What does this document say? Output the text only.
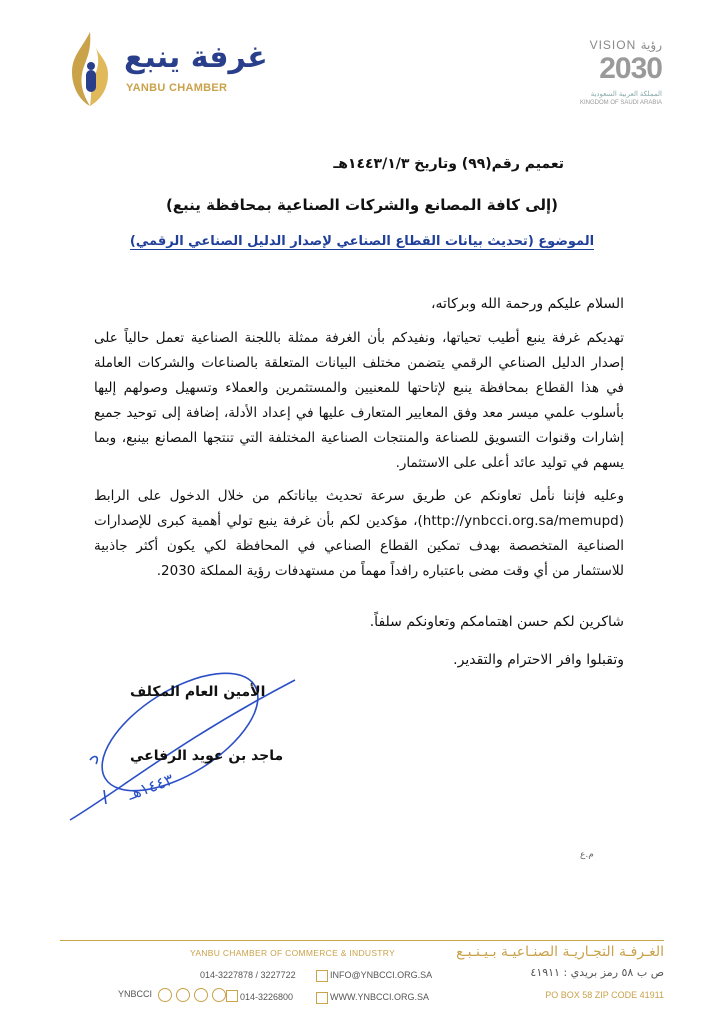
غرفة ينبع
YANBU CHAMBER
VISION رؤية
2030
المملكة العربية السعودية
KINGDOM OF SAUDI ARABIA
تعميم رقم(٩٩) وتاريخ ١٤٤٣/١/٣هـ
(إلى كافة المصانع والشركات الصناعية بمحافظة ينبع)
الموضوع (تحديث بيانات القطاع الصناعي لإصدار الدليل الصناعي الرقمي)
السلام عليكم ورحمة الله وبركاته،
تهديكم غرفة ينبع أطيب تحياتها، ونفيدكم بأن الغرفة ممثلة باللجنة الصناعية تعمل حالياً على إصدار الدليل الصناعي الرقمي يتضمن مختلف البيانات المتعلقة بالصناعات والشركات العاملة في هذا القطاع بمحافظة ينبع لإتاحتها للمعنيين والمستثمرين والعملاء وتسهيل وصولهم إليها بأسلوب علمي ميسر معد وفق المعايير المتعارف عليها في إعداد الأدلة، إضافة إلى توحيد جميع إشارات وقنوات التسويق للصناعة والمنتجات الصناعية المختلفة التي تنتجها المصانع بينبع، وبما يسهم في توليد عائد أعلى على الاستثمار.
وعليه فإننا نأمل تعاونكم عن طريق سرعة تحديث بياناتكم من خلال الدخول على الرابط (http://ynbcci.org.sa/memupd)، مؤكدين لكم بأن غرفة ينبع تولي أهمية كبرى للإصدارات الصناعية المتخصصة بهدف تمكين القطاع الصناعي في المحافظة لكي يكون أكثر جاذبية للاستثمار من أي وقت مضى باعتباره رافداً مهماً من مستهدفات رؤية المملكة 2030.
شاكرين لكم حسن اهتمامكم وتعاونكم سلفاً.
وتقبلوا وافر الاحترام والتقدير.
١٤٤٣هـ
الأمين العام المكلف
ماجد بن عويد الرفاعي
م.ع
الغـرفـة التجـاريـة الصنـاعيـة بـيـنـبـع
YANBU CHAMBER OF COMMERCE & INDUSTRY
014-3227878 / 3227722	INFO@YNBCCI.ORG.SA	ص ب ٥٨ رمز بريدي : ٤١٩١١
YNBCCI	014-3226800	WWW.YNBCCI.ORG.SA	PO BOX 58 ZIP CODE 41911
